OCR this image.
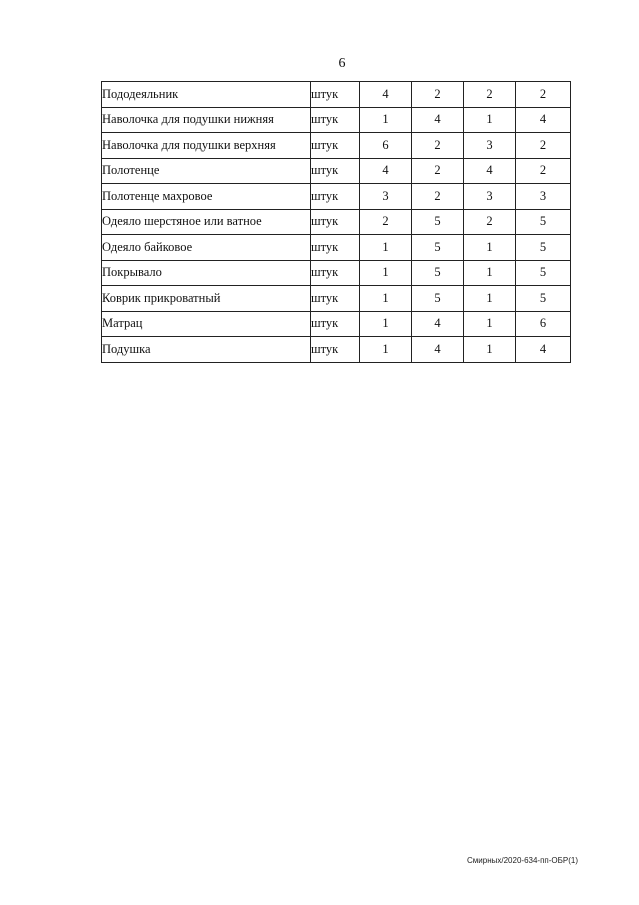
6
Пододеяльник	штук	4	2	2	2
Наволочка для подушки нижняя	штук	1	4	1	4
Наволочка для подушки верхняя	штук	6	2	3	2
Полотенце	штук	4	2	4	2
Полотенце махровое	штук	3	2	3	3
Одеяло шерстяное или ватное	штук	2	5	2	5
Одеяло байковое	штук	1	5	1	5
Покрывало	штук	1	5	1	5
Коврик прикроватный	штук	1	5	1	5
Матрац	штук	1	4	1	6
Подушка	штук	1	4	1	4
Смирных/2020-634-пп-ОБР(1)
